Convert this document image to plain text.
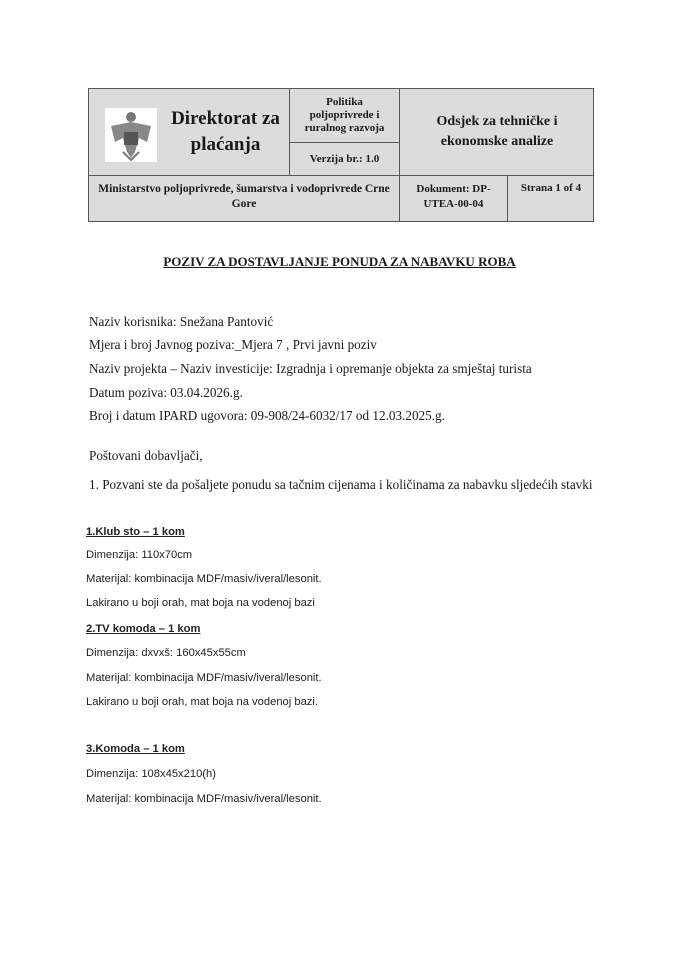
Direktorat za plaćanja
Politika poljoprivrede i ruralnog razvoja
Verzija br.: 1.0
Odsjek za tehničke i ekonomske analize
Ministarstvo poljoprivrede, šumarstva i vodoprivrede Crne Gore
Dokument: DP-UTEA-00-04
Strana 1 of 4
POZIV ZA DOSTAVLJANJE PONUDA ZA NABAVKU ROBA
Naziv korisnika: Snežana Pantović
Mjera i broj Javnog poziva:_Mjera 7 , Prvi javni poziv
Naziv projekta – Naziv investicije: Izgradnja i opremanje objekta za smještaj turista
Datum poziva: 03.04.2026.g.
Broj i datum IPARD ugovora: 09-908/24-6032/17 od 12.03.2025.g.
Poštovani dobavljači,
1. Pozvani ste da pošaljete ponudu sa tačnim cijenama i količinama za nabavku sljedećih stavki
1.Klub sto – 1 kom
Dimenzija: 110x70cm
Materijal: kombinacija MDF/masiv/iveral/lesonit.
Lakirano u boji orah, mat boja na vodenoj bazi
2.TV komoda – 1 kom
Dimenzija: dxvxš: 160x45x55cm
Materijal: kombinacija MDF/masiv/iveral/lesonit.
Lakirano u boji orah, mat boja na vodenoj bazi.
3.Komoda – 1 kom
Dimenzija: 108x45x210(h)
Materijal: kombinacija MDF/masiv/iveral/lesonit.
